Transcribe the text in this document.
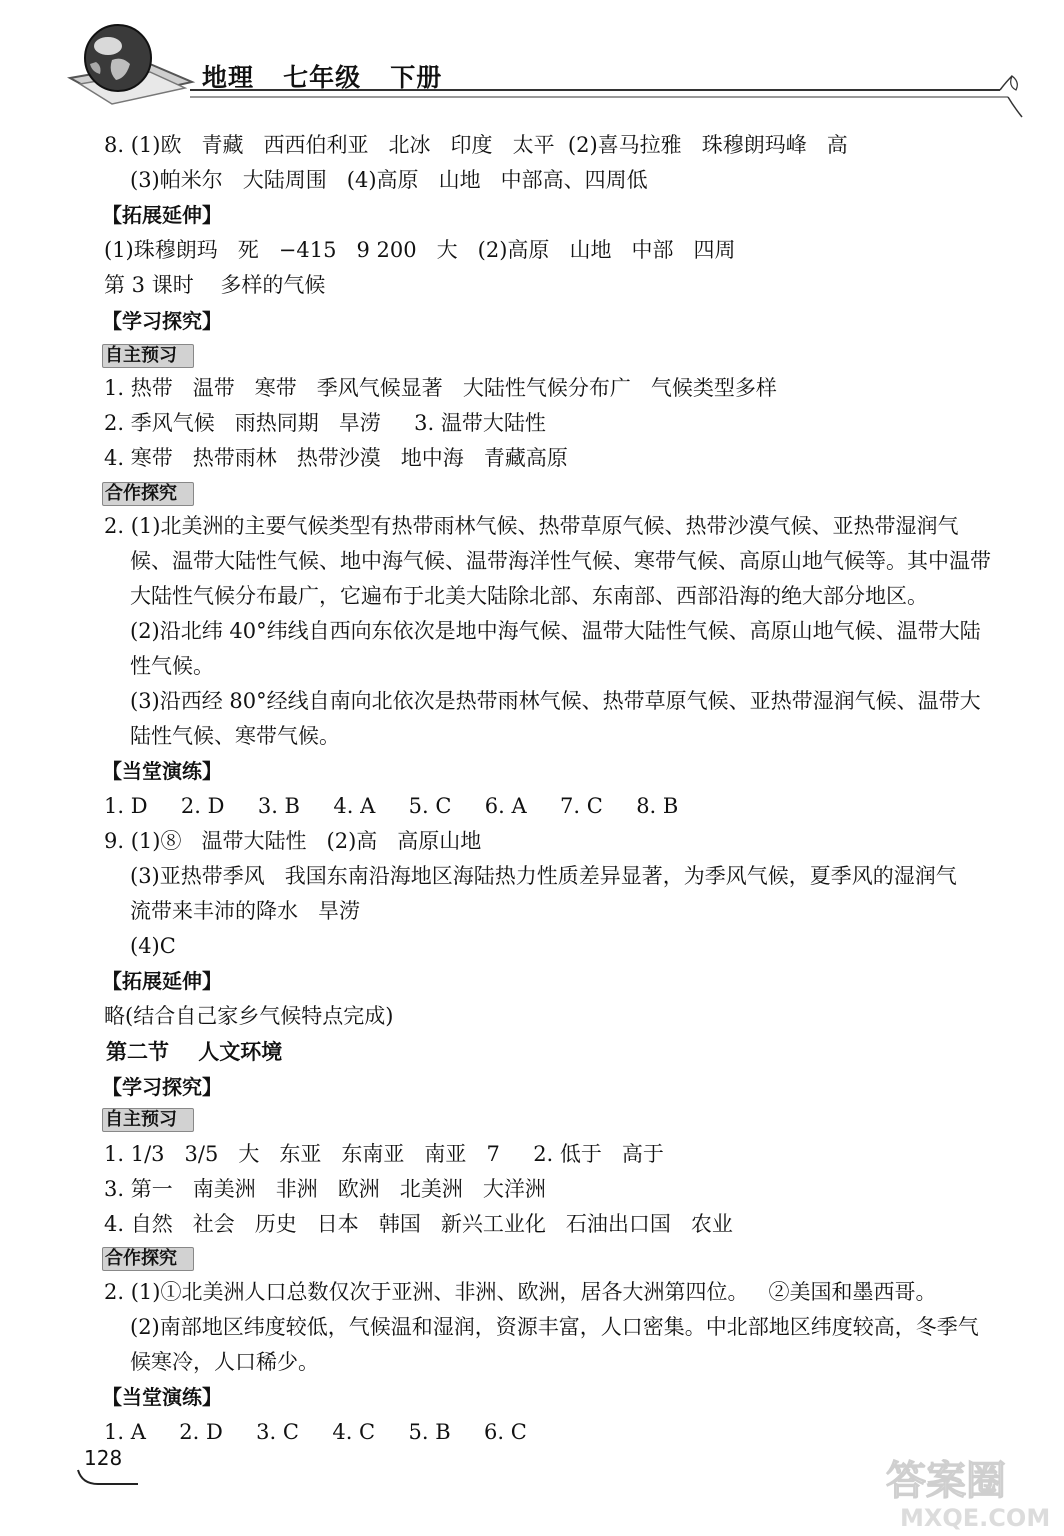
地理   七年级   下册
8. (1)欧   青藏   西西伯利亚   北冰   印度   太平  (2)喜马拉雅   珠穆朗玛峰   高
(3)帕米尔   大陆周围   (4)高原   山地   中部高、四周低
【拓展延伸】
(1)珠穆朗玛   死   −415   9 200   大   (2)高原   山地   中部   四周
第 3 课时    多样的气候
【学习探究】
自主预习
1. 热带   温带   寒带   季风气候显著   大陆性气候分布广   气候类型多样
2. 季风气候   雨热同期   旱涝     3. 温带大陆性
4. 寒带   热带雨林   热带沙漠   地中海   青藏高原
合作探究
2. (1)北美洲的主要气候类型有热带雨林气候、热带草原气候、热带沙漠气候、亚热带湿润气
候、温带大陆性气候、地中海气候、温带海洋性气候、寒带气候、高原山地气候等。其中温带
大陆性气候分布最广，它遍布于北美大陆除北部、东南部、西部沿海的绝大部分地区。
(2)沿北纬 40°纬线自西向东依次是地中海气候、温带大陆性气候、高原山地气候、温带大陆
性气候。
(3)沿西经 80°经线自南向北依次是热带雨林气候、热带草原气候、亚热带湿润气候、温带大
陆性气候、寒带气候。
【当堂演练】
1. D     2. D     3. B     4. A     5. C     6. A     7. C     8. B
9. (1)⑧   温带大陆性   (2)高   高原山地
(3)亚热带季风   我国东南沿海地区海陆热力性质差异显著，为季风气候，夏季风的湿润气
流带来丰沛的降水   旱涝
(4)C
【拓展延伸】
略(结合自己家乡气候特点完成)
第二节    人文环境
【学习探究】
自主预习
1. 1/3   3/5   大   东亚   东南亚   南亚   7     2. 低于   高于
3. 第一   南美洲   非洲   欧洲   北美洲   大洋洲
4. 自然   社会   历史   日本   韩国   新兴工业化   石油出口国   农业
合作探究
2. (1)①北美洲人口总数仅次于亚洲、非洲、欧洲，居各大洲第四位。   ②美国和墨西哥。
(2)南部地区纬度较低，气候温和湿润，资源丰富，人口密集。中北部地区纬度较高，冬季气
候寒冷，人口稀少。
【当堂演练】
1. A     2. D     3. C     4. C     5. B     6. C
128	答案圈
MXQE.COM
